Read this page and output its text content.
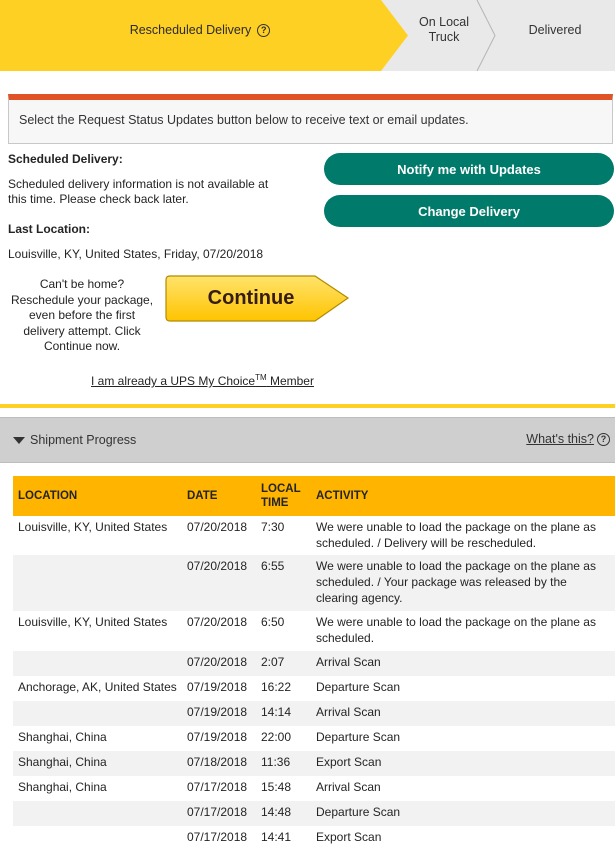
Rescheduled Delivery	?
On Local
Truck	Delivered
Select the Request Status Updates button below to receive text or email updates.
Scheduled Delivery:
Scheduled delivery information is not available at this time. Please check back later.
Last Location:
Louisville, KY, United States, Friday, 07/20/2018
Notify me with Updates
Change Delivery
Can't be home? Reschedule your package, even before the first delivery attempt. Click Continue now.
Continue
I am already a UPS My Choice™ Member
Shipment Progress	What's this? ?
LOCATION	DATE	LOCAL TIME	ACTIVITY
Louisville, KY, United States	07/20/2018	7:30	We were unable to load the package on the plane as scheduled. / Delivery will be rescheduled.
	07/20/2018	6:55	We were unable to load the package on the plane as scheduled. / Your package was released by the clearing agency.
Louisville, KY, United States	07/20/2018	6:50	We were unable to load the package on the plane as scheduled.
	07/20/2018	2:07	Arrival Scan
Anchorage, AK, United States	07/19/2018	16:22	Departure Scan
	07/19/2018	14:14	Arrival Scan
Shanghai, China	07/19/2018	22:00	Departure Scan
Shanghai, China	07/18/2018	11:36	Export Scan
Shanghai, China	07/17/2018	15:48	Arrival Scan
	07/17/2018	14:48	Departure Scan
	07/17/2018	14:41	Export Scan
